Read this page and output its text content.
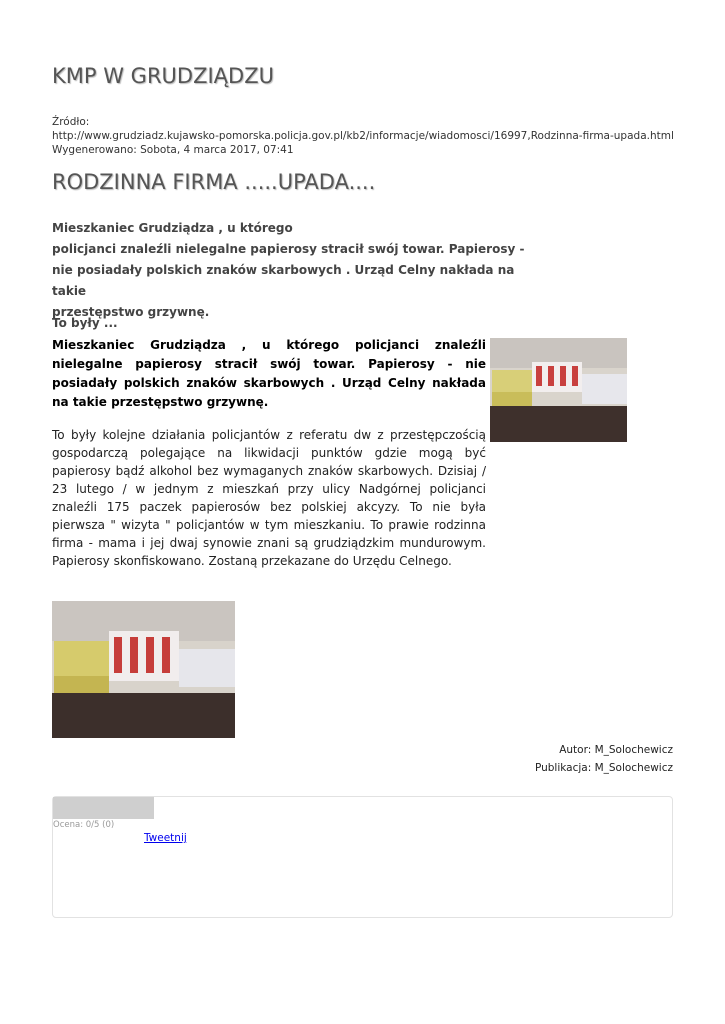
KMP W GRUDZIĄDZU
Źródło:
http://www.grudziadz.kujawsko-pomorska.policja.gov.pl/kb2/informacje/wiadomosci/16997,Rodzinna-firma-upada.html
Wygenerowano: Sobota, 4 marca 2017, 07:41
RODZINNA FIRMA .....UPADA....
Mieszkaniec Grudziądza , u którego
policjanci znaleźli nielegalne papierosy stracił swój towar. Papierosy -
nie posiadały polskich znaków skarbowych . Urząd Celny nakłada na takie
przestępstwo grzywnę.
To były ...
Mieszkaniec Grudziądza , u którego policjanci znaleźli nielegalne papierosy stracił swój towar. Papierosy - nie posiadały polskich znaków skarbowych . Urząd Celny nakłada na takie przestępstwo grzywnę.
To były kolejne działania policjantów z referatu dw z przestępczością gospodarczą polegające na likwidacji punktów gdzie mogą być papierosy bądź alkohol bez wymaganych znaków skarbowych. Dzisiaj / 23 lutego / w jednym z mieszkań przy ulicy Nadgórnej policjanci znaleźli 175 paczek papierosów bez polskiej akcyzy. To nie była pierwsza " wizyta " policjantów w tym mieszkaniu. To prawie rodzinna firma - mama i jej dwaj synowie znani są grudziądzkim mundurowym. Papierosy skonfiskowano. Zostaną przekazane do Urzędu Celnego.
Autor: M_Solochewicz
Publikacja: M_Solochewicz
Ocena: 0/5 (0)
Tweetnij
